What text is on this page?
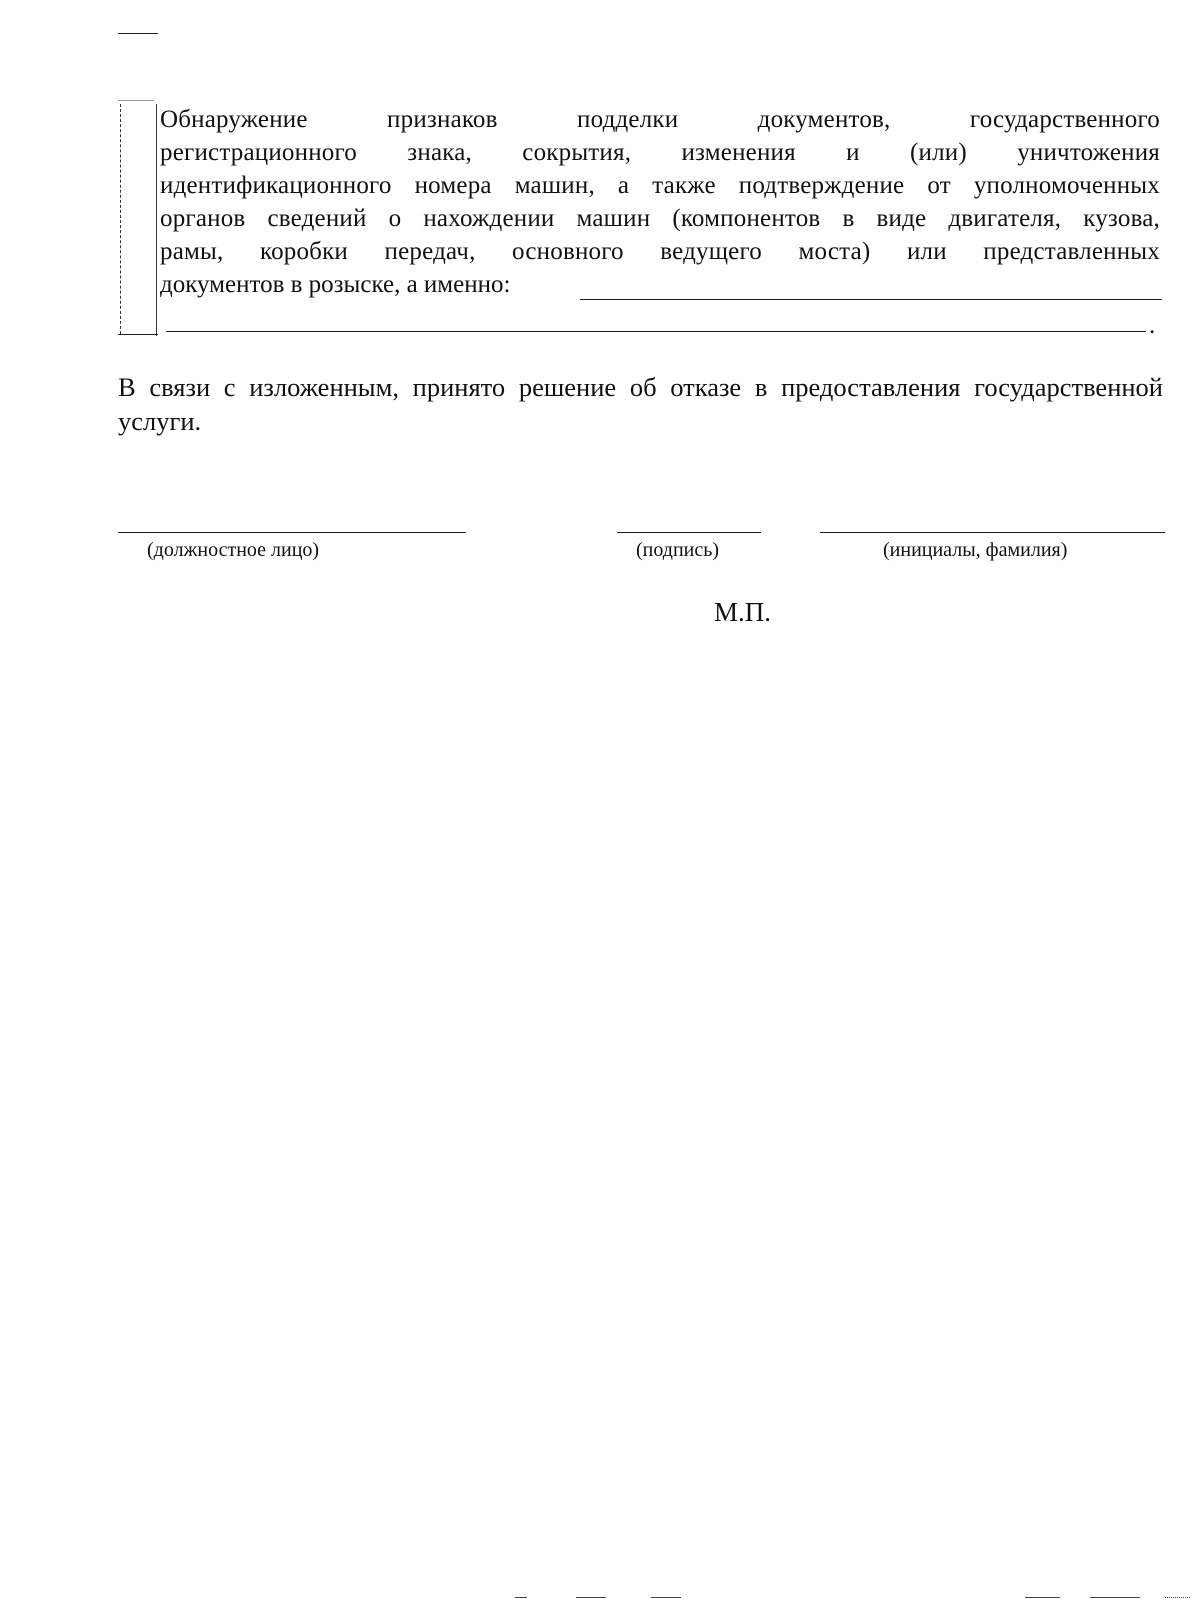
Обнаружение признаков подделки документов, государственного
регистрационного знака, сокрытия, изменения и (или) уничтожения
идентификационного номера машин, а также подтверждение от уполномоченных
органов сведений о нахождении машин (компонентов в виде двигателя, кузова,
рамы, коробки передач, основного ведущего моста) или представленных
документов в розыске, а именно:
.
В связи с изложенным, принято решение об отказе в предоставления государственной услуги.
(должностное лицо)	(подпись)	(инициалы, фамилия)
М.П.
